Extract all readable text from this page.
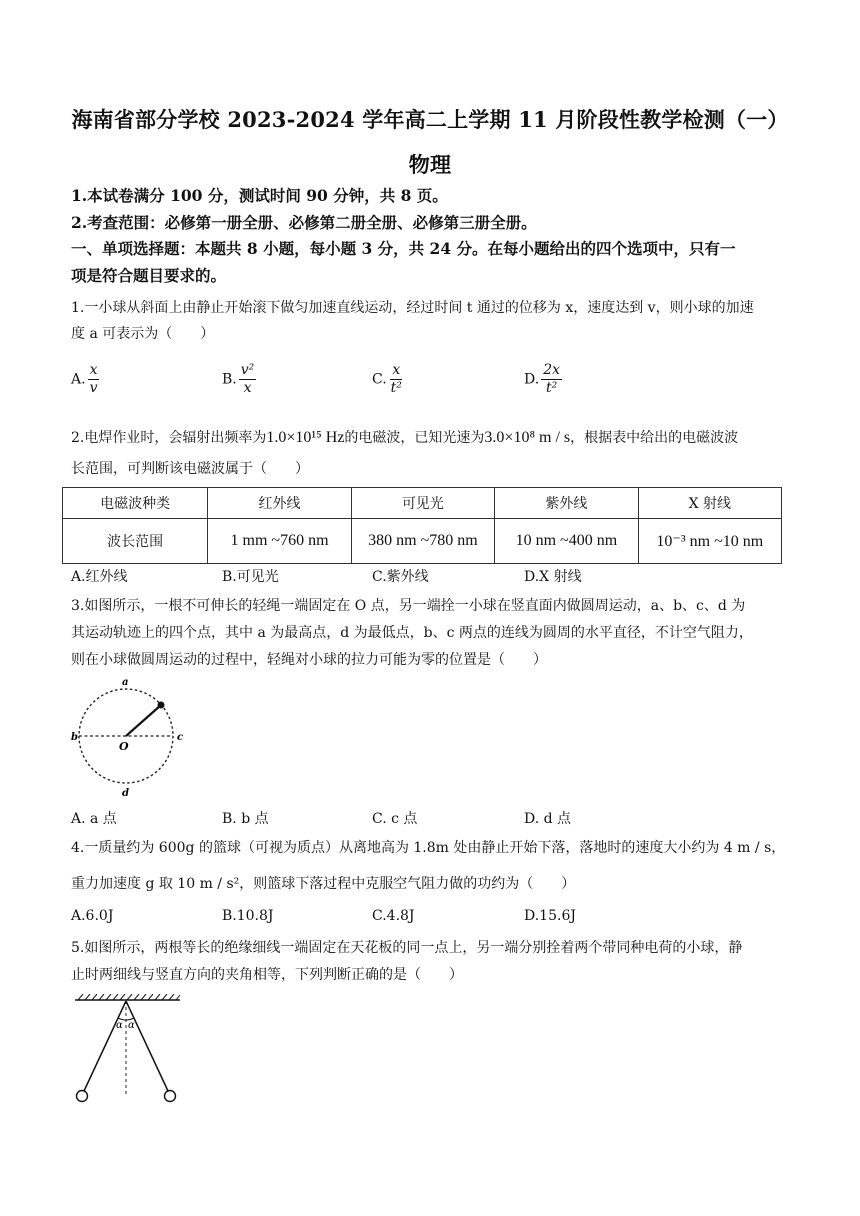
海南省部分学校 2023-2024 学年高二上学期 11 月阶段性教学检测（一）
物理
1.本试卷满分 100 分，测试时间 90 分钟，共 8 页。
2.考查范围：必修第一册全册、必修第二册全册、必修第三册全册。
一、单项选择题：本题共 8 小题，每小题 3 分，共 24 分。在每小题给出的四个选项中，只有一
项是符合题目要求的。
1.一小球从斜面上由静止开始滚下做匀加速直线运动，经过时间 t 通过的位移为 x，速度达到 v，则小球的加速
度 a 可表示为（　　）
A. $\frac{x}{v}$	B. $\frac{\text{v²}}{x}$	C. $\frac{x}{\text{t²}}$	D. $\frac{2x}{\text{t²}}$
2.电焊作业时，会辐射出频率为1.0×10¹⁵ Hz的电磁波，已知光速为3.0×10⁸ m / s，根据表中给出的电磁波波
长范围，可判断该电磁波属于（　　）
电磁波种类	红外线	可见光	紫外线	X 射线
波长范围	1 mm ~760 nm	380 nm ~780 nm	10 nm ~400 nm	10⁻³ nm ~10 nm
A.红外线	B.可见光	C.紫外线	D.X 射线
3.如图所示，一根不可伸长的轻绳一端固定在 O 点，另一端拴一小球在竖直面内做圆周运动，a、b、c、d 为
其运动轨迹上的四个点，其中 a 为最高点，d 为最低点，b、c 两点的连线为圆周的水平直径，不计空气阻力，
则在小球做圆周运动的过程中，轻绳对小球的拉力可能为零的位置是（　　）
a
b
O
c
d
A. a 点	B. b 点	C. c 点	D. d 点
4.一质量约为 600g 的篮球（可视为质点）从离地高为 1.8m 处由静止开始下落，落地时的速度大小约为 4 m / s，
重力加速度 g 取 10 m / s²，则篮球下落过程中克服空气阻力做的功约为（　　）
A.6.0J	B.10.8J	C.4.8J	D.15.6J
5.如图所示，两根等长的绝缘细线一端固定在天花板的同一点上，另一端分别拴着两个带同种电荷的小球，静
止时两细线与竖直方向的夹角相等，下列判断正确的是（　　）
α α
